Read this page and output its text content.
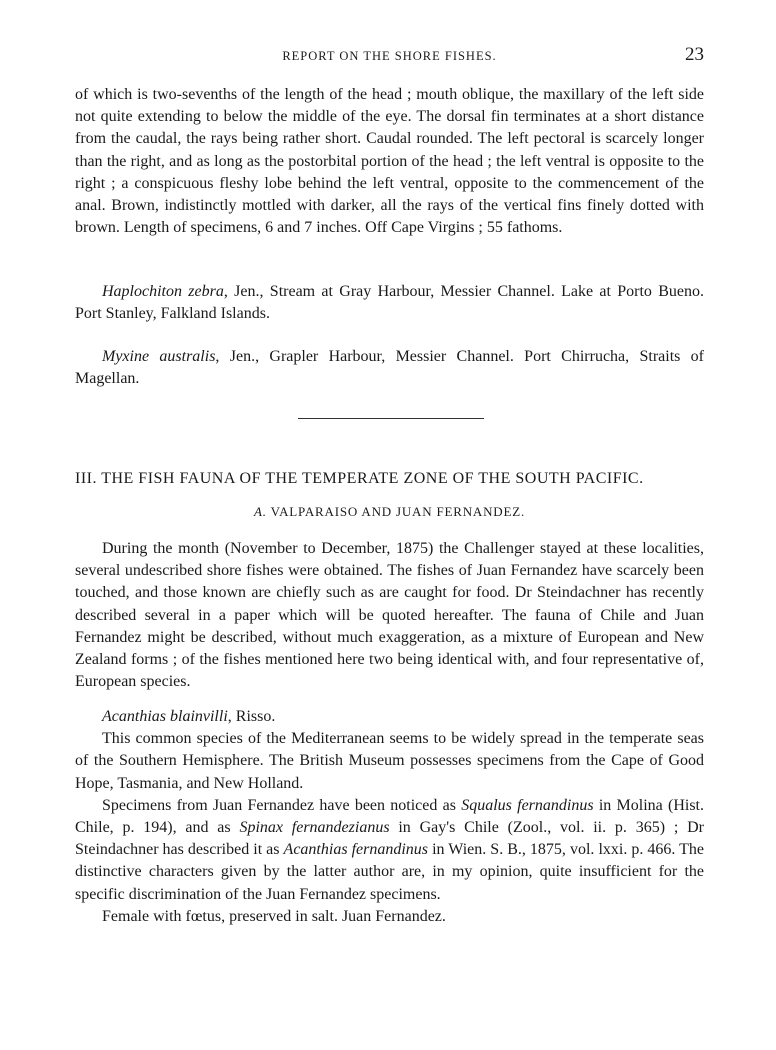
REPORT ON THE SHORE FISHES.	23

of which is two-sevenths of the length of the head ; mouth oblique, the maxillary of the left side not quite extending to below the middle of the eye. The dorsal fin terminates at a short distance from the caudal, the rays being rather short. Caudal rounded. The left pectoral is scarcely longer than the right, and as long as the postorbital portion of the head ; the left ventral is opposite to the right ; a conspicuous fleshy lobe behind the left ventral, opposite to the commencement of the anal. Brown, indistinctly mottled with darker, all the rays of the vertical fins finely dotted with brown. Length of specimens, 6 and 7 inches. Off Cape Virgins ; 55 fathoms.

Haplochiton zebra, Jen., Stream at Gray Harbour, Messier Channel. Lake at Porto Bueno. Port Stanley, Falkland Islands.

Myxine australis, Jen., Grapler Harbour, Messier Channel. Port Chirrucha, Straits of Magellan.

III. THE FISH FAUNA OF THE TEMPERATE ZONE OF THE SOUTH PACIFIC.
A. VALPARAISO AND JUAN FERNANDEZ.

During the month (November to December, 1875) the Challenger stayed at these localities, several undescribed shore fishes were obtained. The fishes of Juan Fernandez have scarcely been touched, and those known are chiefly such as are caught for food. Dr Steindachner has recently described several in a paper which will be quoted hereafter. The fauna of Chile and Juan Fernandez might be described, without much exaggeration, as a mixture of European and New Zealand forms ; of the fishes mentioned here two being identical with, and four representative of, European species.

Acanthias blainvilli, Risso.

This common species of the Mediterranean seems to be widely spread in the temperate seas of the Southern Hemisphere. The British Museum possesses specimens from the Cape of Good Hope, Tasmania, and New Holland.

Specimens from Juan Fernandez have been noticed as Squalus fernandinus in Molina (Hist. Chile, p. 194), and as Spinax fernandezianus in Gay's Chile (Zool., vol. ii. p. 365) ; Dr Steindachner has described it as Acanthias fernandinus in Wien. S. B., 1875, vol. lxxi. p. 466. The distinctive characters given by the latter author are, in my opinion, quite insufficient for the specific discrimination of the Juan Fernandez specimens.

Female with fœtus, preserved in salt. Juan Fernandez.
